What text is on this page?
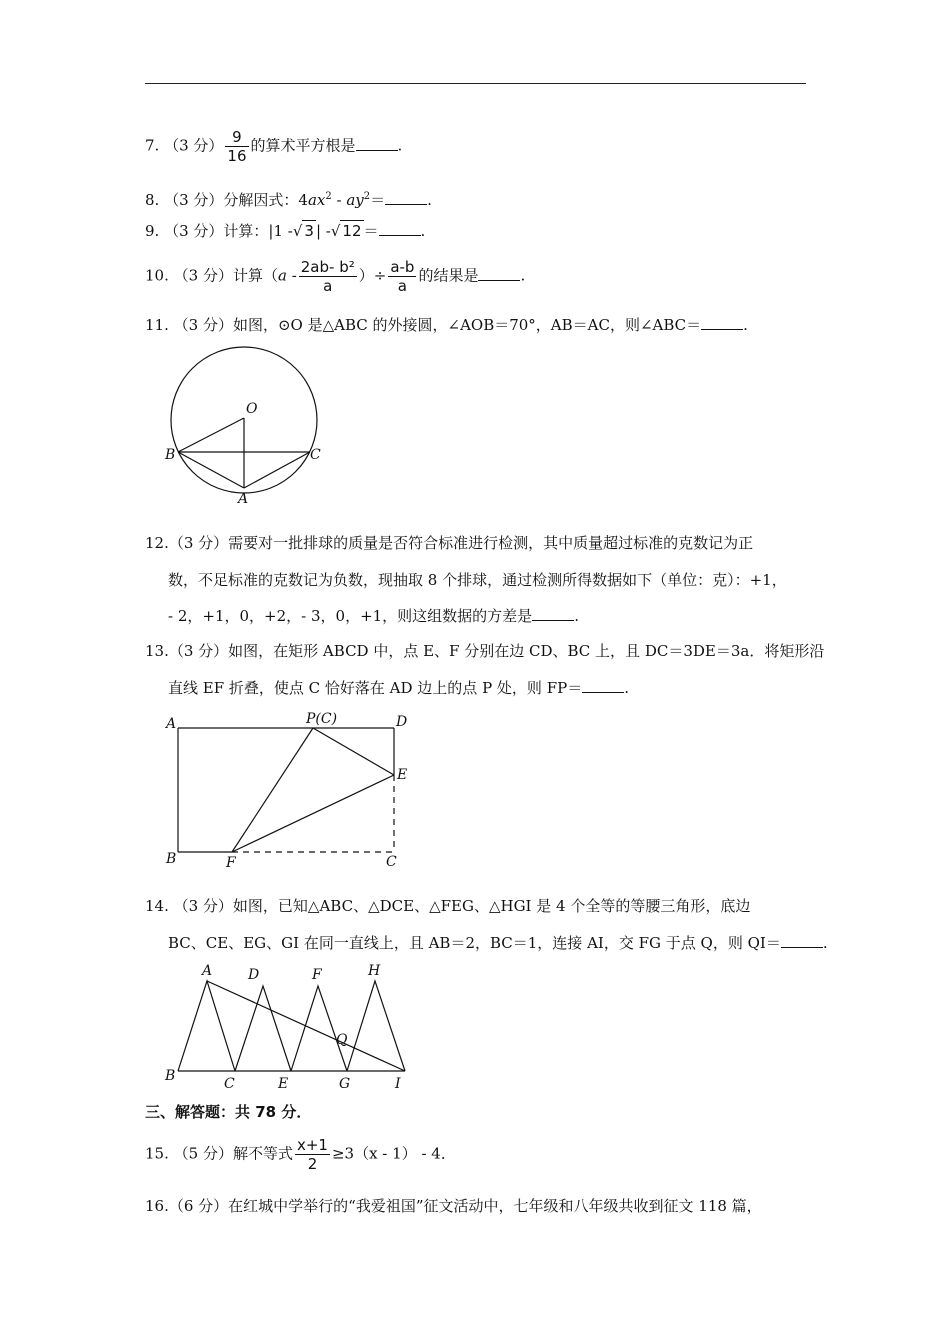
7. （3 分） $\frac{9}{16}$ 的算术平方根是	.
8. （3 分）分解因式：$4ax^2 - ay^2=$	.
9. （3 分）计算：|1 -√ 3 | -√ 12 ＝	.
10. （3 分）计算（$a - \frac{\text{2ab- b²}}{a}$ ）÷ $\frac{a-b}{a}$ 的结果是	.
11. （3 分）如图，⊙O 是△ABC 的外接圆，∠AOB＝70°，AB＝AC，则∠ABC＝	.
O
B	C
A
12.（3 分）需要对一批排球的质量是否符合标准进行检测，其中质量超过标准的克数记为正
数，不足标准的克数记为负数，现抽取 8 个排球，通过检测所得数据如下（单位：克）：+1，
- 2，+1，0，+2，- 3，0，+1，则这组数据的方差是	.
13.（3 分）如图，在矩形 ABCD 中，点 E、F 分别在边 CD、BC 上，且 DC＝3DE＝3a．将矩形沿
直线 EF 折叠，使点 C 恰好落在 AD 边上的点 P 处，则 FP＝	.
A	P(C)	D
E
B	F	C
14. （3 分）如图，已知△ABC、△DCE、△FEG、△HGI 是 4 个全等的等腰三角形，底边
BC、CE、EG、GI 在同一直线上，且 AB＝2，BC＝1，连接 AI，交 FG 于点 Q，则 QI＝	.
A	D	F	H
Q
B	C	E	G	I
三、解答题：共 78 分．
15. （5 分）解不等式 $\frac{x+1}{2} \ge 3(x - 1) - 4$．
16.（6 分）在红城中学举行的“我爱祖国”征文活动中，七年级和八年级共收到征文 118 篇，
